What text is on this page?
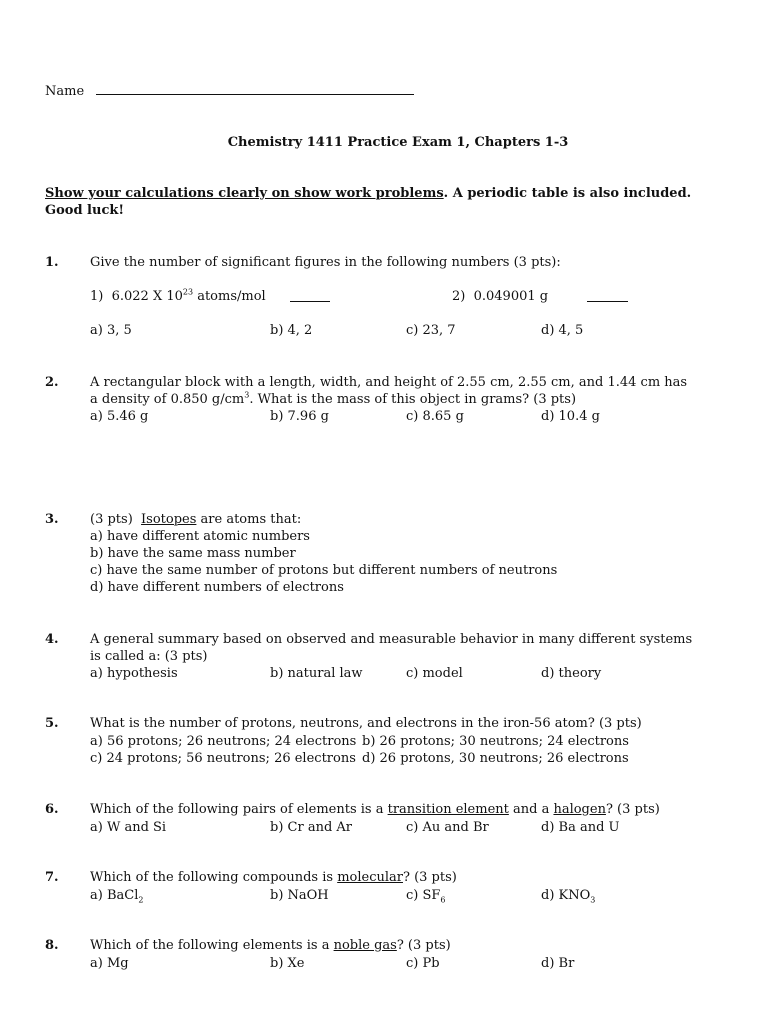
Name
Chemistry 1411 Practice Exam 1, Chapters 1-3
Show your calculations clearly on show work problems. A periodic table is also included.
Good luck!
1. Give the number of significant figures in the following numbers (3 pts):
1) 6.022 X $10^{23}$ atoms/mol	2) 0.049001 g
a) 3, 5	b) 4, 2	c) 23, 7	d) 4, 5
2. A rectangular block with a length, width, and height of 2.55 cm, 2.55 cm, and 1.44 cm has
a density of 0.850 $g/cm^3$. What is the mass of this object in grams? (3 pts)
a) 5.46 g	b) 7.96 g	c) 8.65 g	d) 10.4 g
3. (3 pts) Isotopes are atoms that:
a) have different atomic numbers
b) have the same mass number
c) have the same number of protons but different numbers of neutrons
d) have different numbers of electrons
4. A general summary based on observed and measurable behavior in many different systems
is called a: (3 pts)
a) hypothesis	b) natural law	c) model	d) theory
5. What is the number of protons, neutrons, and electrons in the iron-56 atom? (3 pts)
a) 56 protons; 26 neutrons; 24 electrons b) 26 protons; 30 neutrons; 24 electrons
c) 24 protons; 56 neutrons; 26 electrons d) 26 protons, 30 neutrons; 26 electrons
6. Which of the following pairs of elements is a transition element and a halogen? (3 pts)
a) W and Si	b) Cr and Ar	c) Au and Br	d) Ba and U
7. Which of the following compounds is molecular? (3 pts)
a) BaCl$_2$	b) NaOH	c) $SF_6$	d) $KNO_3$
8. Which of the following elements is a noble gas? (3 pts)
a) Mg	b) Xe	c) Pb	d) Br
